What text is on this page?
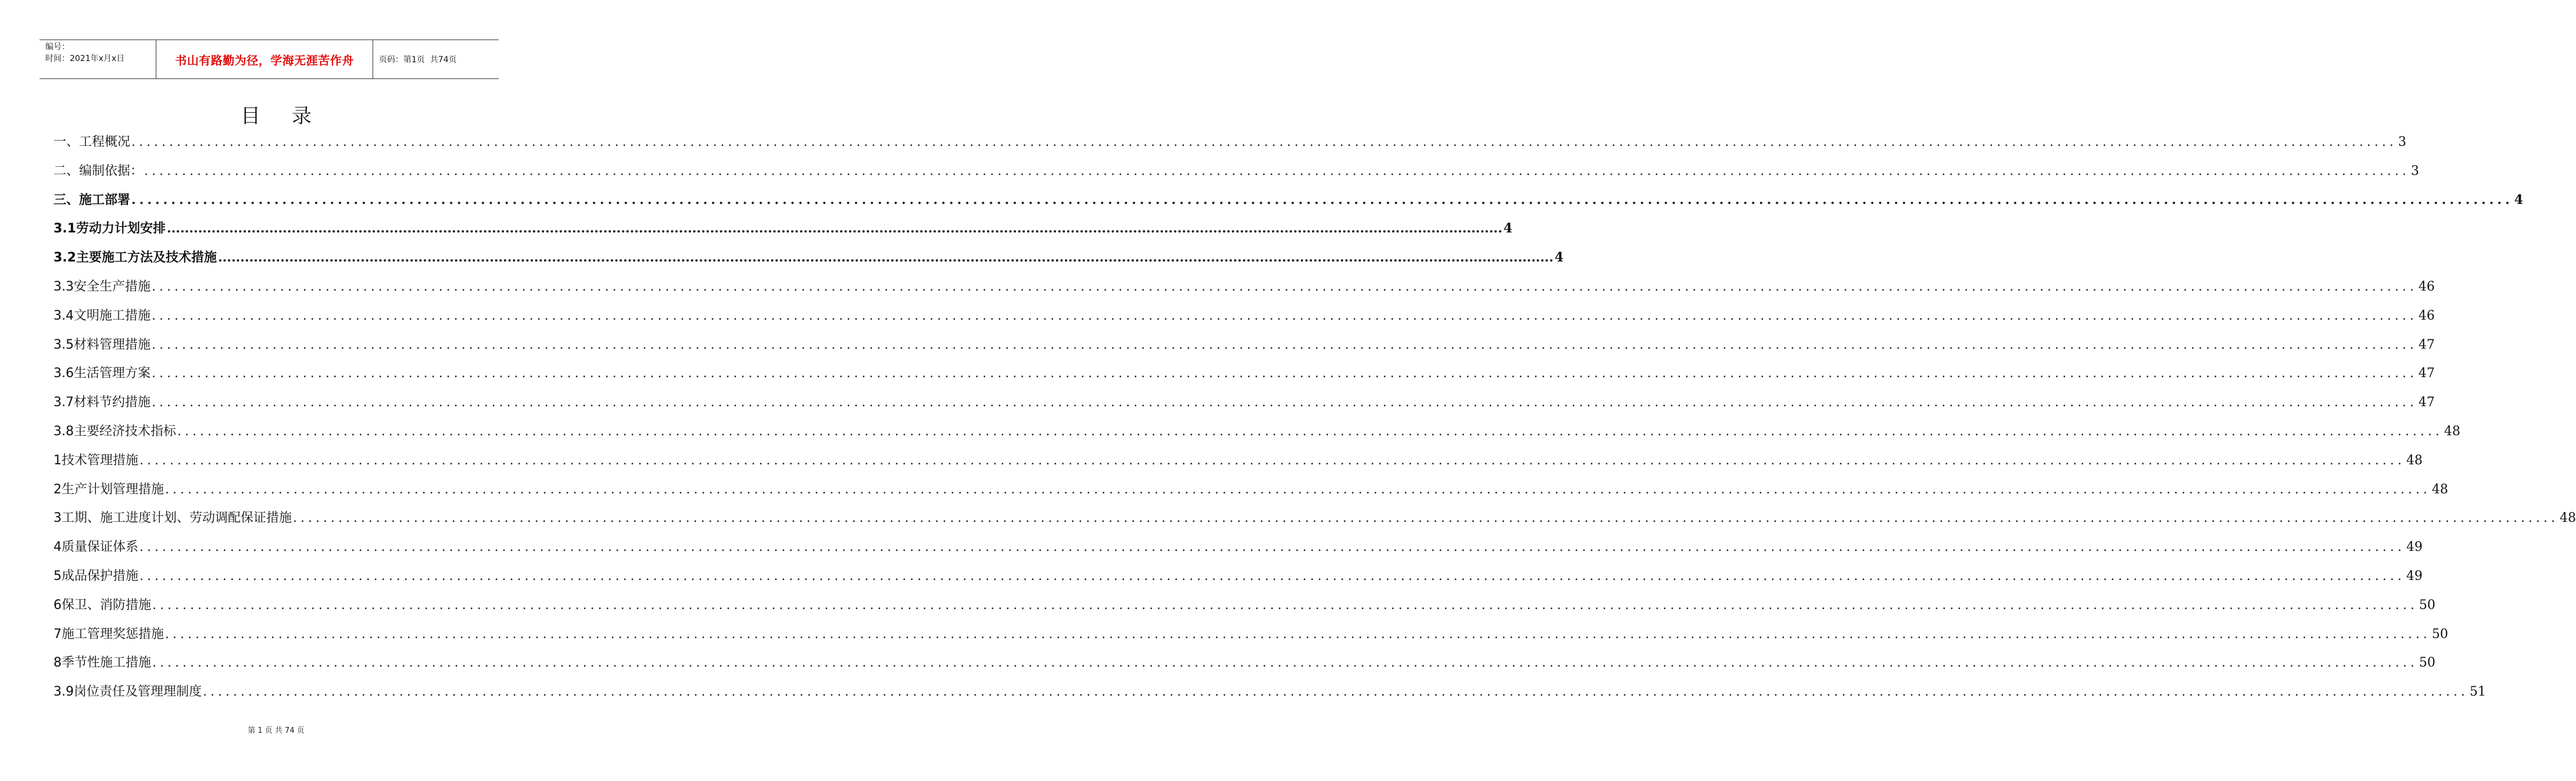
编号：
时间：2021年x月x日	书山有路勤为径，学海无涯苦作舟	页码：第1页  共74页
目录
一、工程概况 ............................................................................................................................................................................................................................................................................................................ 3
二、编制依据： ............................................................................................................................................................................................................................................................................................................ 3
三、施工部署 ............................................................................................................................................................................................................................................................................................................ 4
3.1劳动力计划安排 ............................................................................................................................................................................................................................................................................................................ 4
3.2主要施工方法及技术措施 ............................................................................................................................................................................................................................................................................................................ 4
3.3安全生产措施 ............................................................................................................................................................................................................................................................................................................ 46
3.4文明施工措施 ............................................................................................................................................................................................................................................................................................................ 46
3.5材料管理措施 ............................................................................................................................................................................................................................................................................................................ 47
3.6生活管理方案 ............................................................................................................................................................................................................................................................................................................ 47
3.7材料节约措施 ............................................................................................................................................................................................................................................................................................................ 47
3.8主要经济技术指标 ............................................................................................................................................................................................................................................................................................................ 48
1技术管理措施 ............................................................................................................................................................................................................................................................................................................ 48
2生产计划管理措施 ............................................................................................................................................................................................................................................................................................................ 48
3工期、施工进度计划、劳动调配保证措施 ............................................................................................................................................................................................................................................................................................................ 48
4质量保证体系 ............................................................................................................................................................................................................................................................................................................ 49
5成品保护措施 ............................................................................................................................................................................................................................................................................................................ 49
6保卫、消防措施 ............................................................................................................................................................................................................................................................................................................ 50
7施工管理奖惩措施 ............................................................................................................................................................................................................................................................................................................ 50
8季节性施工措施 ............................................................................................................................................................................................................................................................................................................ 50
3.9岗位责任及管理理制度 ............................................................................................................................................................................................................................................................................................................ 51
第 1 页 共 74 页
